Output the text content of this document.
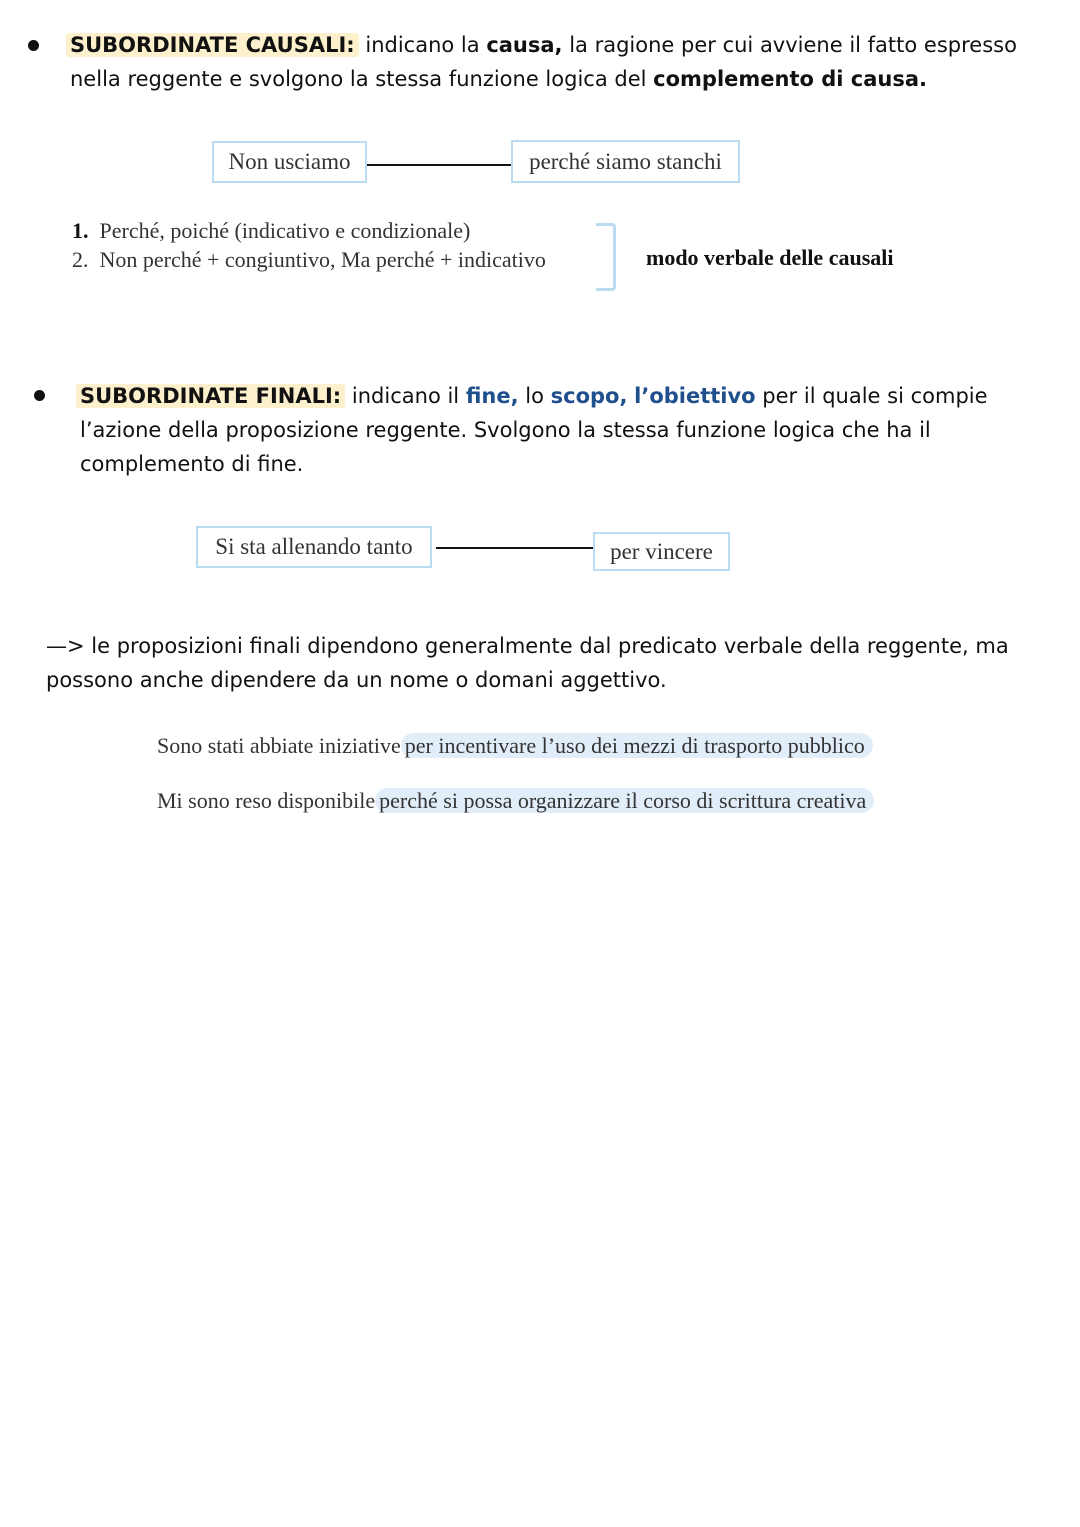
SUBORDINATE CAUSALI: indicano la causa, la ragione per cui avviene il fatto espresso
nella reggente e svolgono la stessa funzione logica del complemento di causa.
Non usciamo	perché siamo stanchi
1. Perché, poiché (indicativo e condizionale)
2. Non perché + congiuntivo, Ma perché + indicativo	modo verbale delle causali
SUBORDINATE FINALI: indicano il fine, lo scopo, l’obiettivo per il quale si compie
l’azione della proposizione reggente. Svolgono la stessa funzione logica che ha il
complemento di fine.
Si sta allenando tanto	per vincere
—> le proposizioni finali dipendono generalmente dal predicato verbale della reggente, ma
possono anche dipendere da un nome o domani aggettivo.
Sono stati abbiate iniziative per incentivare l’uso dei mezzi di trasporto pubblico
Mi sono reso disponibile perché si possa organizzare il corso di scrittura creativa
